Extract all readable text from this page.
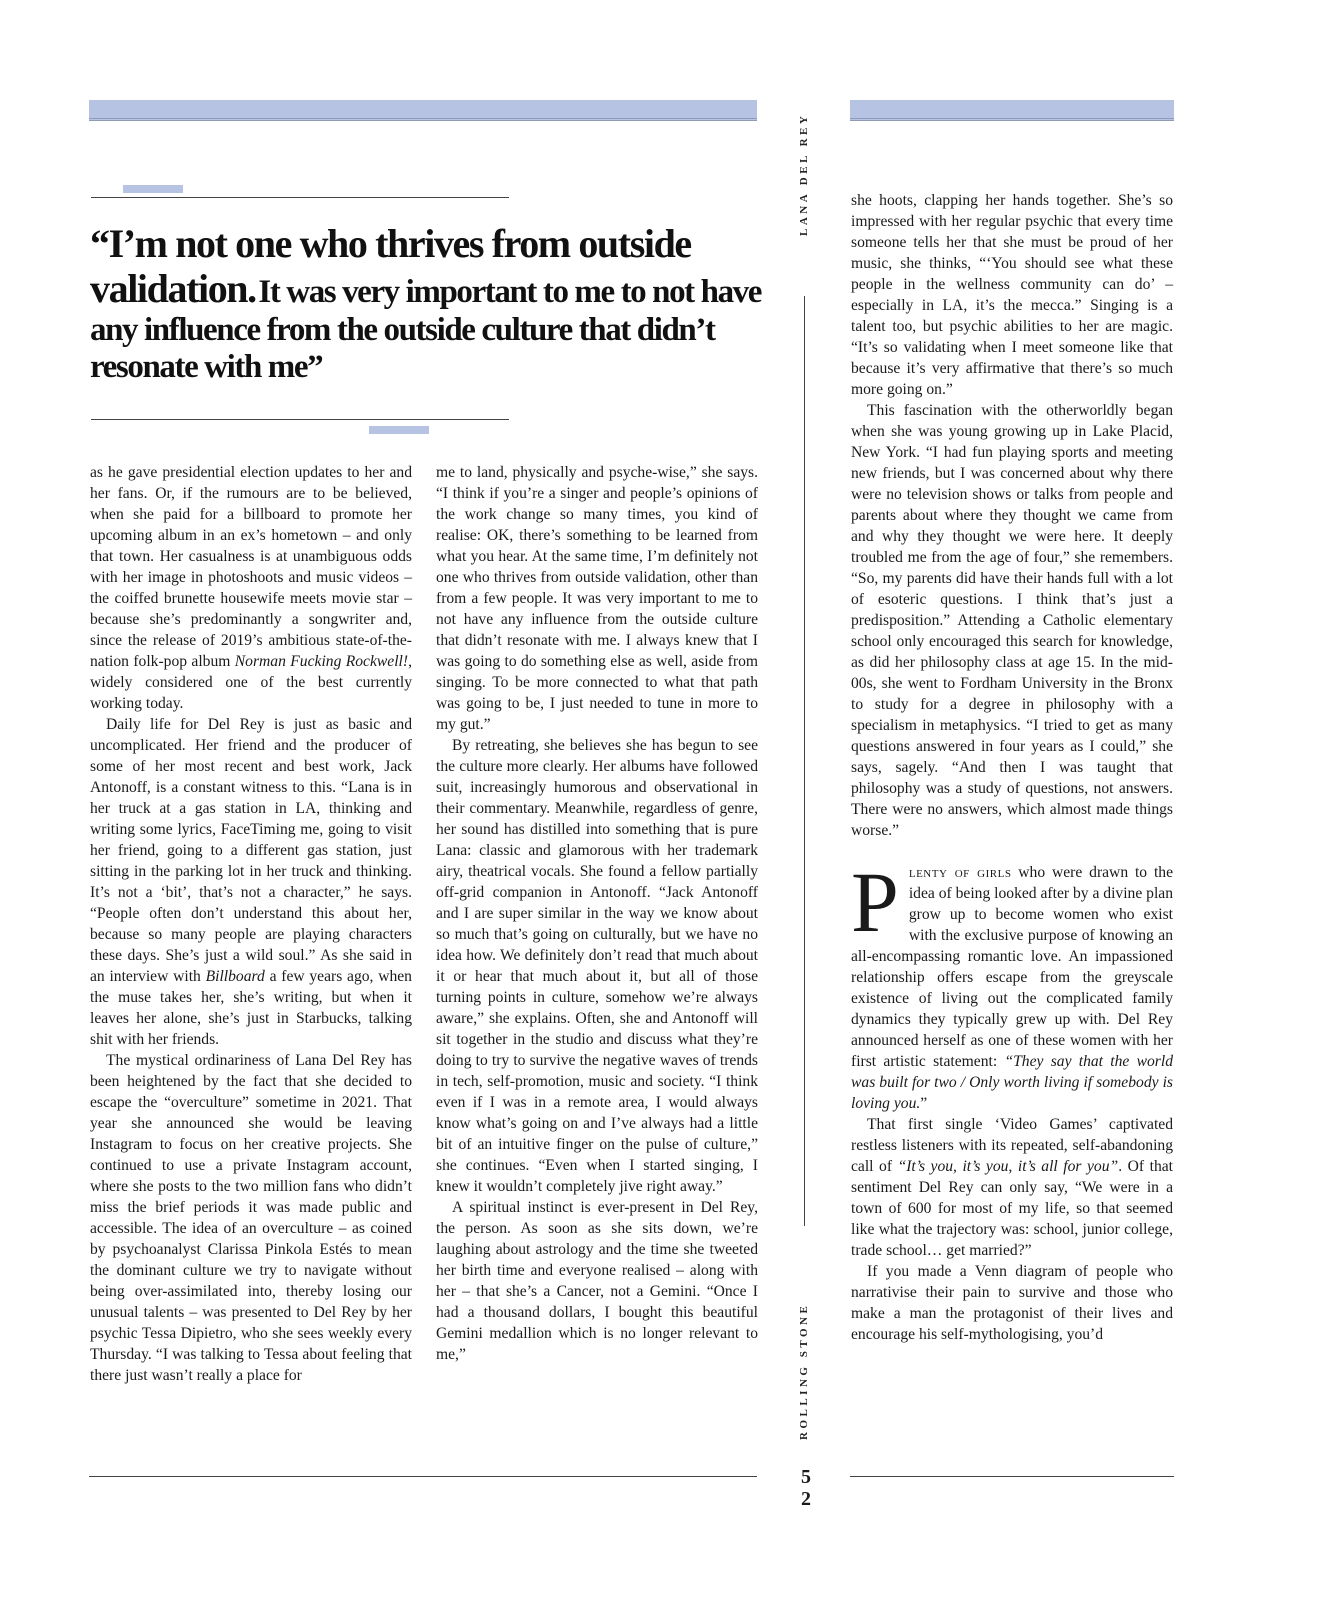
“I’m not one who thrives from outside validation. It was very important to me to not have any influence from the outside culture that didn’t resonate with me”

as he gave presidential election updates to her and her fans. Or, if the rumours are to be believed, when she paid for a billboard to promote her upcoming album in an ex’s hometown – and only that town. Her casualness is at unambiguous odds with her image in photoshoots and music videos – the coiffed brunette housewife meets movie star – because she’s predominantly a songwriter and, since the release of 2019’s ambitious state-of-the-nation folk-pop album Norman Fucking Rockwell!, widely considered one of the best currently working today.

Daily life for Del Rey is just as basic and uncomplicated. Her friend and the producer of some of her most recent and best work, Jack Antonoff, is a constant witness to this. “Lana is in her truck at a gas station in LA, thinking and writing some lyrics, FaceTiming me, going to visit her friend, going to a different gas station, just sitting in the parking lot in her truck and thinking. It’s not a ‘bit’, that’s not a character,” he says. “People often don’t understand this about her, because so many people are playing characters these days. She’s just a wild soul.” As she said in an interview with Billboard a few years ago, when the muse takes her, she’s writing, but when it leaves her alone, she’s just in Starbucks, talking shit with her friends.

The mystical ordinariness of Lana Del Rey has been heightened by the fact that she decided to escape the “overculture” sometime in 2021. That year she announced she would be leaving Instagram to focus on her creative projects. She continued to use a private Instagram account, where she posts to the two million fans who didn’t miss the brief periods it was made public and accessible. The idea of an overculture – as coined by psychoanalyst Clarissa Pinkola Estés to mean the dominant culture we try to navigate without being over-assimilated into, thereby losing our unusual talents – was presented to Del Rey by her psychic Tessa Dipietro, who she sees weekly every Thursday. “I was talking to Tessa about feeling that there just wasn’t really a place for

me to land, physically and psyche-wise,” she says. “I think if you’re a singer and people’s opinions of the work change so many times, you kind of realise: OK, there’s something to be learned from what you hear. At the same time, I’m definitely not one who thrives from outside validation, other than from a few people. It was very important to me to not have any influence from the outside culture that didn’t resonate with me. I always knew that I was going to do something else as well, aside from singing. To be more connected to what that path was going to be, I just needed to tune in more to my gut.”

By retreating, she believes she has begun to see the culture more clearly. Her albums have followed suit, increasingly humorous and observational in their commentary. Meanwhile, regardless of genre, her sound has distilled into something that is pure Lana: classic and glamorous with her trademark airy, theatrical vocals. She found a fellow partially off-grid companion in Antonoff. “Jack Antonoff and I are super similar in the way we know about so much that’s going on culturally, but we have no idea how. We definitely don’t read that much about it or hear that much about it, but all of those turning points in culture, somehow we’re always aware,” she explains. Often, she and Antonoff will sit together in the studio and discuss what they’re doing to try to survive the negative waves of trends in tech, self-promotion, music and society. “I think even if I was in a remote area, I would always know what’s going on and I’ve always had a little bit of an intuitive finger on the pulse of culture,” she continues. “Even when I started singing, I knew it wouldn’t completely jive right away.”

A spiritual instinct is ever-present in Del Rey, the person. As soon as she sits down, we’re laughing about astrology and the time she tweeted her birth time and everyone realised – along with her – that she’s a Cancer, not a Gemini. “Once I had a thousand dollars, I bought this beautiful Gemini medallion which is no longer relevant to me,”

LANA DEL REY
ROLLING STONE

she hoots, clapping her hands together. She’s so impressed with her regular psychic that every time someone tells her that she must be proud of her music, she thinks, “‘You should see what these people in the wellness community can do’ – especially in LA, it’s the mecca.” Singing is a talent too, but psychic abilities to her are magic. “It’s so validating when I meet someone like that because it’s very affirmative that there’s so much more going on.”

This fascination with the otherworldly began when she was young growing up in Lake Placid, New York. “I had fun playing sports and meeting new friends, but I was concerned about why there were no television shows or talks from people and parents about where they thought we came from and why they thought we were here. It deeply troubled me from the age of four,” she remembers. “So, my parents did have their hands full with a lot of esoteric questions. I think that’s just a predisposition.” Attending a Catholic elementary school only encouraged this search for knowledge, as did her philosophy class at age 15. In the mid-00s, she went to Fordham University in the Bronx to study for a degree in philosophy with a specialism in metaphysics. “I tried to get as many questions answered in four years as I could,” she says, sagely. “And then I was taught that philosophy was a study of questions, not answers. There were no answers, which almost made things worse.”

Plenty of girls who were drawn to the idea of being looked after by a divine plan grow up to become women who exist with the exclusive purpose of knowing an all-encompassing romantic love. An impassioned relationship offers escape from the greyscale existence of living out the complicated family dynamics they typically grew up with. Del Rey announced herself as one of these women with her first artistic statement: “They say that the world was built for two / Only worth living if somebody is loving you.”

That first single ‘Video Games’ captivated restless listeners with its repeated, self-abandoning call of “It’s you, it’s you, it’s all for you”. Of that sentiment Del Rey can only say, “We were in a town of 600 for most of my life, so that seemed like what the trajectory was: school, junior college, trade school… get married?”

If you made a Venn diagram of people who narrativise their pain to survive and those who make a man the protagonist of their lives and encourage his self-mythologising, you’d

5
2
